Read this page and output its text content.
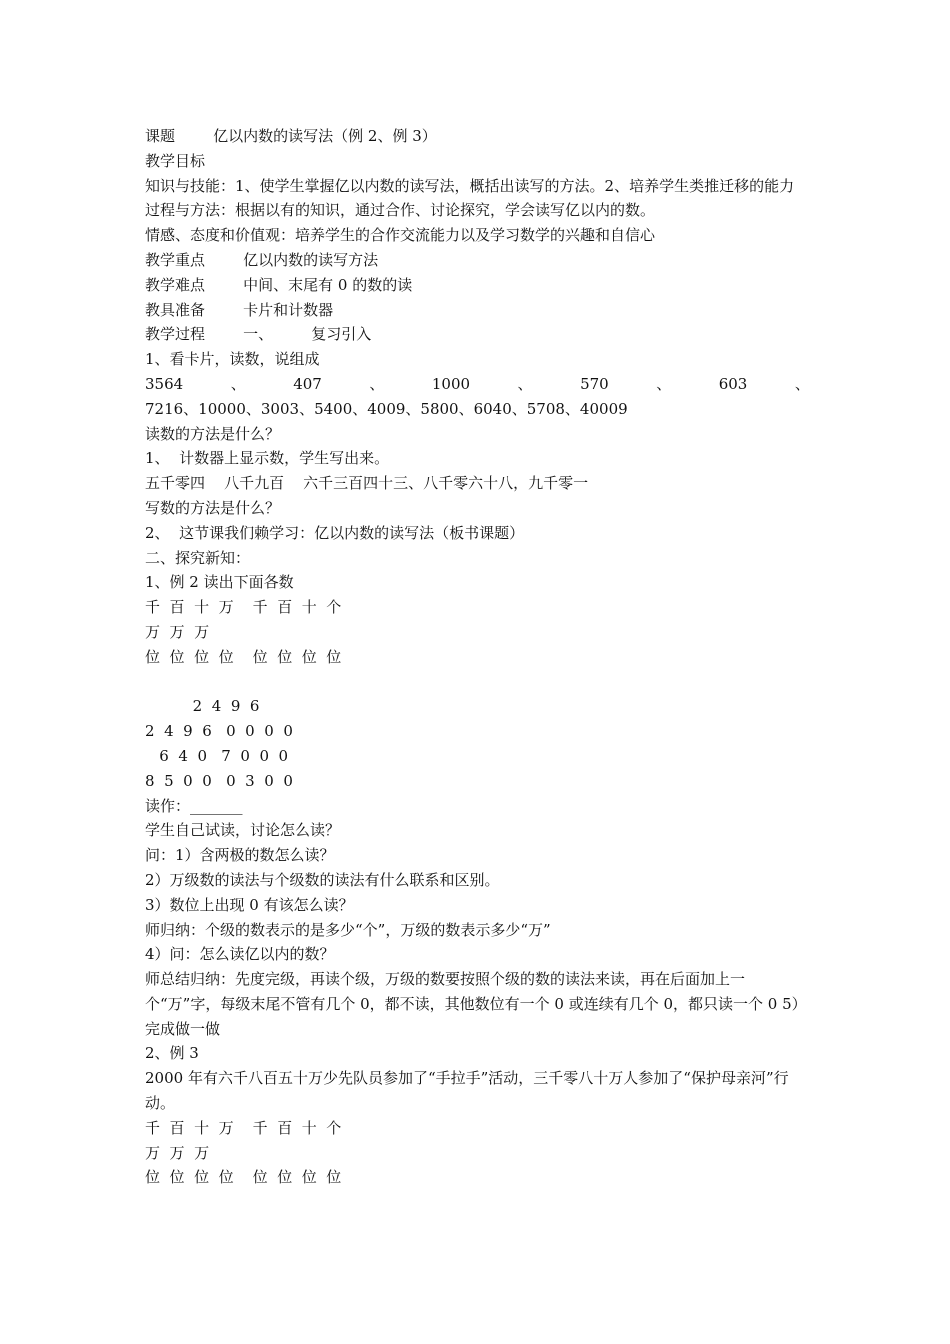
课题        亿以内数的读写法（例 2、例 3）
教学目标
知识与技能：1、使学生掌握亿以内数的读写法，概括出读写的方法。2、培养学生类推迁移的能力
过程与方法：根据以有的知识，通过合作、讨论探究，学会读写亿以内的数。
情感、态度和价值观：培养学生的合作交流能力以及学习数学的兴趣和自信心
教学重点        亿以内数的读写方法
教学难点        中间、末尾有 0 的数的读
教具准备        卡片和计数器
教学过程        一、        复习引入
1、看卡片，读数，说组成
3564	、	407	、	1000	、	570	、	603	、
7216、10000、3003、5400、4009、5800、6040、5708、40009
读数的方法是什么？
1、  计数器上显示数，学生写出来。
五千零四    八千九百    六千三百四十三、八千零六十八，九千零一
写数的方法是什么？
2、  这节课我们赖学习：亿以内数的读写法（板书课题）
二、探究新知：
1、例 2 读出下面各数
千  百  十  万    千  百  十  个
万  万  万
位  位  位  位    位  位  位  位
2  4  9  6
2  4  9  6   0  0  0  0
6  4  0   7  0  0  0
8  5  0  0   0  3  0  0
读作：_______
学生自己试读，讨论怎么读？
问：1）含两极的数怎么读？
2）万级数的读法与个级数的读法有什么联系和区别。
3）数位上出现 0 有该怎么读？
师归纳：个级的数表示的是多少“个”，万级的数表示多少“万”
4）问：怎么读亿以内的数？
师总结归纳：先度完级，再读个级，万级的数要按照个级的数的读法来读，再在后面加上一个“万”字，每级末尾不管有几个 0，都不读，其他数位有一个 0 或连续有几个 0，都只读一个 0 5）完成做一做
2、例 3
2000 年有六千八百五十万少先队员参加了“手拉手”活动，三千零八十万人参加了“保护母亲河”行动。
千  百  十  万    千  百  十  个
万  万  万
位  位  位  位    位  位  位  位
